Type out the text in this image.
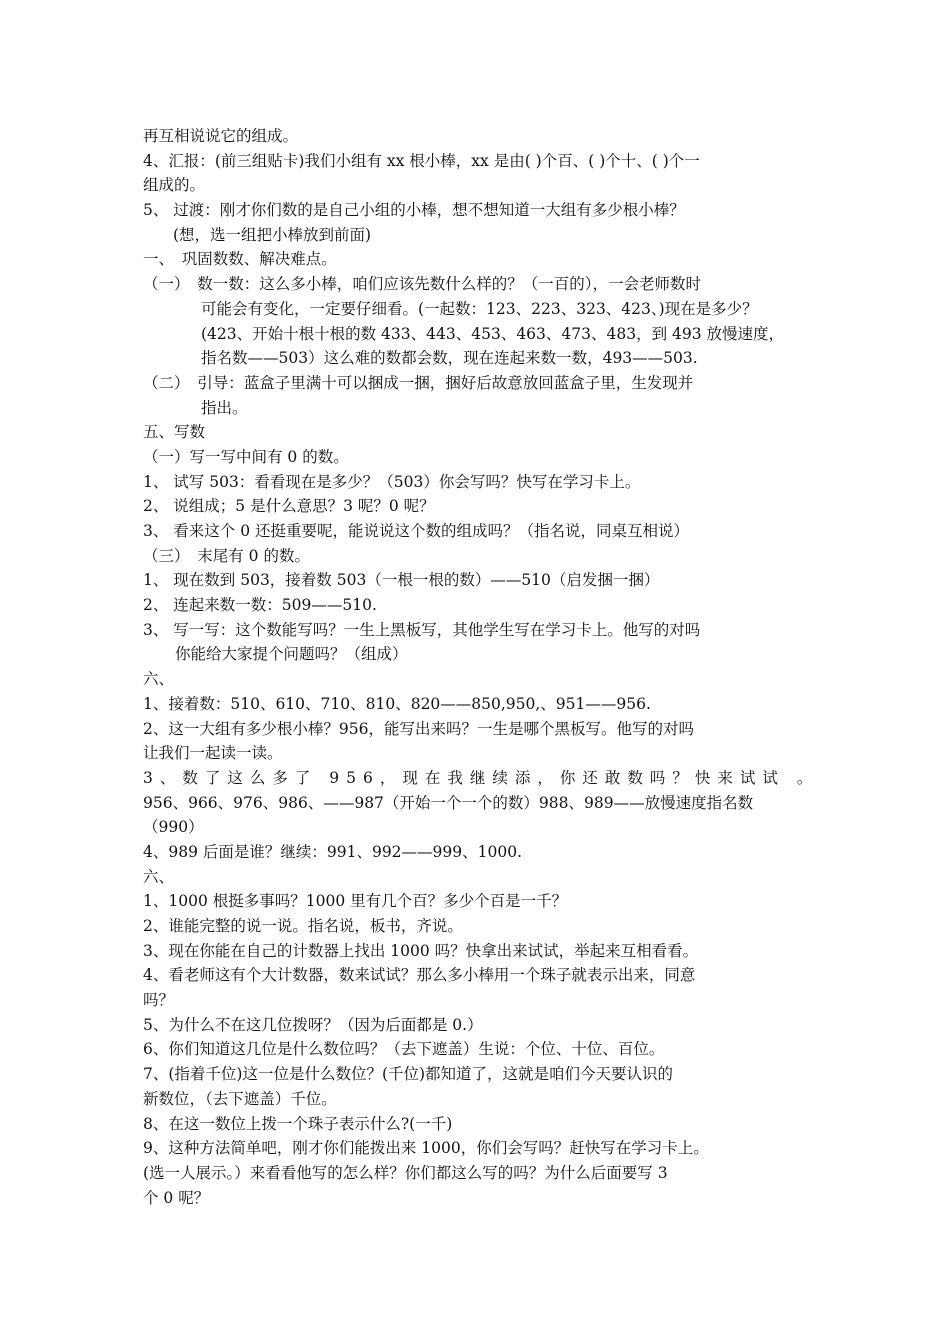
再互相说说它的组成。
4、汇报：(前三组贴卡)我们小组有 xx 根小棒，xx 是由( )个百、( )个十、( )个一
组成的。
5、 过渡：刚才你们数的是自己小组的小棒，想不想知道一大组有多少根小棒？
(想，选一组把小棒放到前面)
一、　巩固数数、解决难点。
（一）　数一数：这么多小棒，咱们应该先数什么样的？（一百的），一会老师数时
可能会有变化，一定要仔细看。(一起数：123、223、323、423、)现在是多少？
(423、开始十根十根的数 433、443、453、463、473、483，到 493 放慢速度，
指名数——503）这么难的数都会数，现在连起来数一数，493——503.
（二）　引导：蓝盒子里满十可以捆成一捆，捆好后故意放回蓝盒子里，生发现并
指出。
五、写数
（一）写一写中间有 0 的数。
1、 试写 503：看看现在是多少？（503）你会写吗？快写在学习卡上。
2、 说组成；5 是什么意思？3 呢？0 呢？
3、 看来这个 0 还挺重要呢，能说说这个数的组成吗？（指名说，同桌互相说）
（三）　末尾有 0 的数。
1、 现在数到 503，接着数 503（一根一根的数）——510（启发捆一捆）
2、 连起来数一数：509——510.
3、 写一写：这个数能写吗？一生上黑板写，其他学生写在学习卡上。他写的对吗
你能给大家提个问题吗？（组成）
六、
1、接着数：510、610、710、810、820——850,950,、951——956.
2、这一大组有多少根小棒？956，能写出来吗？一生是哪个黑板写。他写的对吗
让我们一起读一读。
3、数了这么多了 956，现在我继续添，你还敢数吗？快来试试 。
956、966、976、986、——987（开始一个一个的数）988、989——放慢速度指名数
（990）
4、989 后面是谁？继续：991、992——999、1000.
六、
1、1000 根挺多事吗？1000 里有几个百？多少个百是一千？
2、谁能完整的说一说。指名说，板书，齐说。
3、现在你能在自己的计数器上找出 1000 吗？快拿出来试试，举起来互相看看。
4、看老师这有个大计数器，数来试试？那么多小棒用一个珠子就表示出来，同意
吗？
5、为什么不在这几位拨呀？（因为后面都是 0.）
6、你们知道这几位是什么数位吗？（去下遮盖）生说：个位、十位、百位。
7、(指着千位)这一位是什么数位？(千位)都知道了，这就是咱们今天要认识的
新数位，（去下遮盖）千位。
8、在这一数位上拨一个珠子表示什么?(一千)
9、这种方法简单吧，刚才你们能拨出来 1000，你们会写吗？赶快写在学习卡上。
(选一人展示。）来看看他写的怎么样？你们都这么写的吗？为什么后面要写 3
个 0 呢？
